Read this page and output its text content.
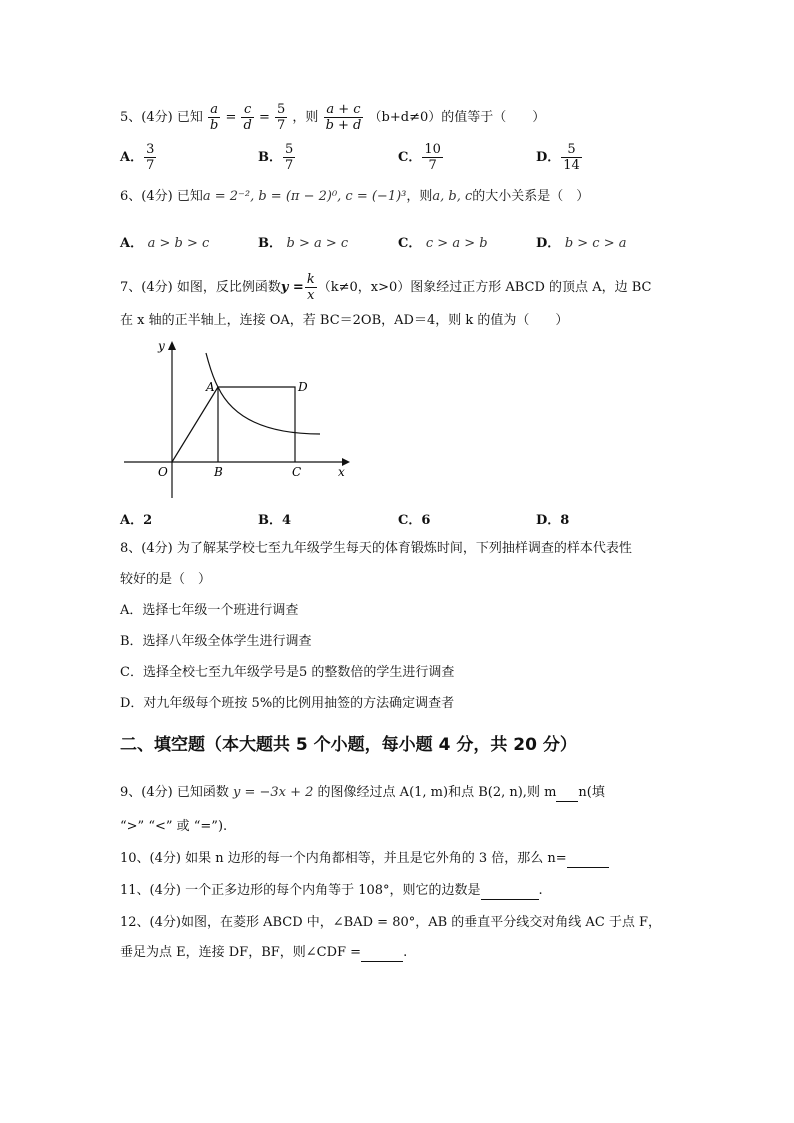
5、(4分) 已知 $\frac{a}{b} = \frac{c}{d} = \frac{5}{7}$ ，则 $\frac{a + c}{b + d} (b+d\ne 0)$的值等于（　　）
A． $\frac{3}{7}$	B． $\frac{5}{7}$	C． $\frac{10}{7}$	D． $\frac{5}{14}$
6、(4分) 已知a = 2⁻², b = (π − 2)⁰, c = (−1)³，则a, b, c的大小关系是（　）
A． a > b > c	B． b > a > c	C． c > a > b	D． b > c > a
7、(4分) 如图，反比例函数$y = \frac{k}{x} (k\ne 0$，x>0）图象经过正方形 ABCD 的顶点 A，边 BC
在 x 轴的正半轴上，连接 OA，若 BC＝2OB，AD＝4，则 k 的值为（　　）
y
x
O
A
B	C
D
A．2	B．4	C．6	D．8
8、(4分) 为了解某学校七至九年级学生每天的体育锻炼时间，下列抽样调查的样本代表性
较好的是（　）
A．选择七年级一个班进行调查
B．选择八年级全体学生进行调查
C．选择全校七至九年级学号是5 的整数倍的学生进行调查
D．对九年级每个班按 5%的比例用抽签的方法确定调查者
二、填空题（本大题共 5 个小题，每小题 4 分，共 20 分）
9、(4分) 已知函数 y = −3x + 2 的图像经过点 A(1, m)和点 B(2, n),则 m n(填
“>” “<” 或 “=”).
10、(4分) 如果 n 边形的每一个内角都相等，并且是它外角的 3 倍，那么 n=
11、(4分) 一个正多边形的每个内角等于 108°，则它的边数是	.
12、(4分)如图，在菱形 ABCD 中，∠BAD = 80°，AB 的垂直平分线交对角线 AC 于点 F，
垂足为点 E，连接 DF，BF，则∠CDF =	.
